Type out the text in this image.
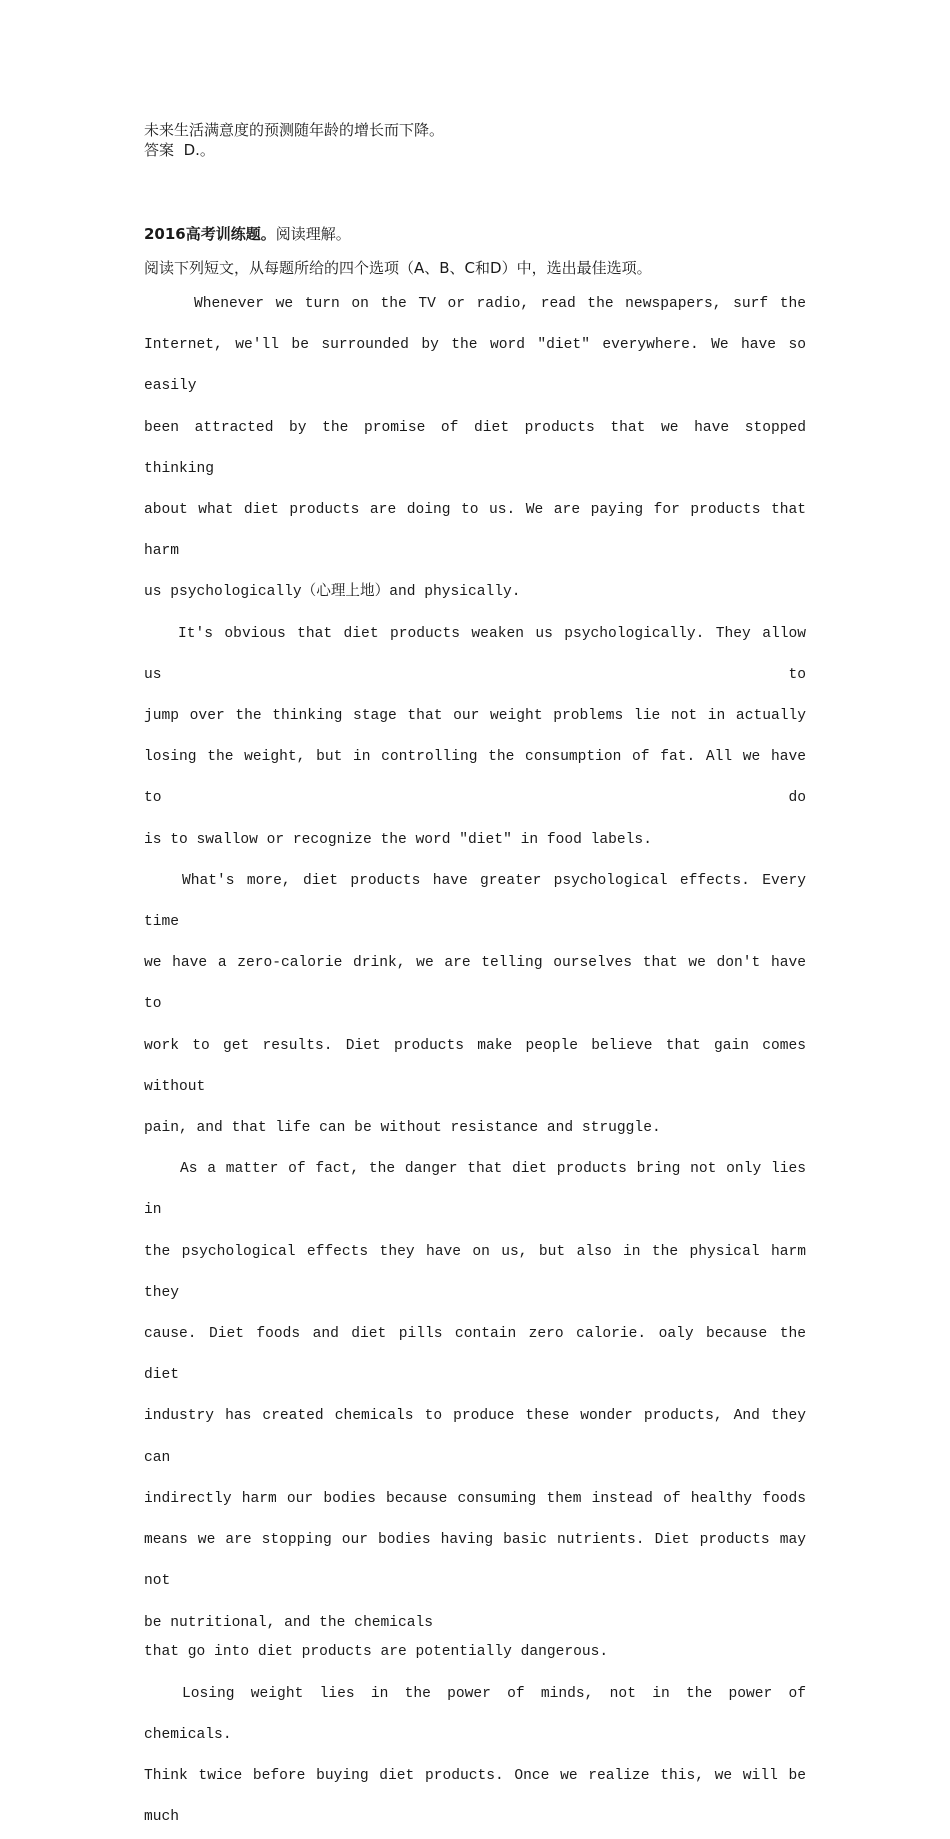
未来生活满意度的预测随年龄的增长而下降。

答案 D.。

2016高考训练题。阅读理解。

阅读下列短文，从每题所给的四个选项（A、B、C和D）中，选出最佳选项。

Whenever we turn on the TV or radio, read the newspapers, surf the

Internet, we'll be surrounded by the word "diet" everywhere. We have so easily

been attracted by the promise of diet products that we have stopped thinking

about what diet products are doing to us. We are paying for products that harm

us psychologically（心理上地）and physically.

It's obvious that diet products weaken us psychologically. They allow us to

jump over the thinking stage that our weight problems lie not in actually

losing the weight, but in controlling the consumption of fat. All we have to do

is to swallow or recognize the word "diet" in food labels.

What's more, diet products have greater psychological effects. Every time

we have a zero-calorie drink, we are telling ourselves that we don't have to

work to get results. Diet products make people believe that gain comes without

pain, and that life can be without resistance and struggle.

As a matter of fact, the danger that diet products bring not only lies in

the psychological effects they have on us, but also in the physical harm they

cause. Diet foods and diet pills contain zero calorie. oaly because the diet

industry has created chemicals to produce these wonder products, And they can

indirectly harm our bodies because consuming them instead of healthy foods

means we are stopping our bodies having basic nutrients. Diet products may not

be nutritional, and the chemicals

that go into diet products are potentially dangerous.

Losing weight lies in the power of minds, not in the power of chemicals.

Think twice before buying diet products. Once we realize this, we will be much
